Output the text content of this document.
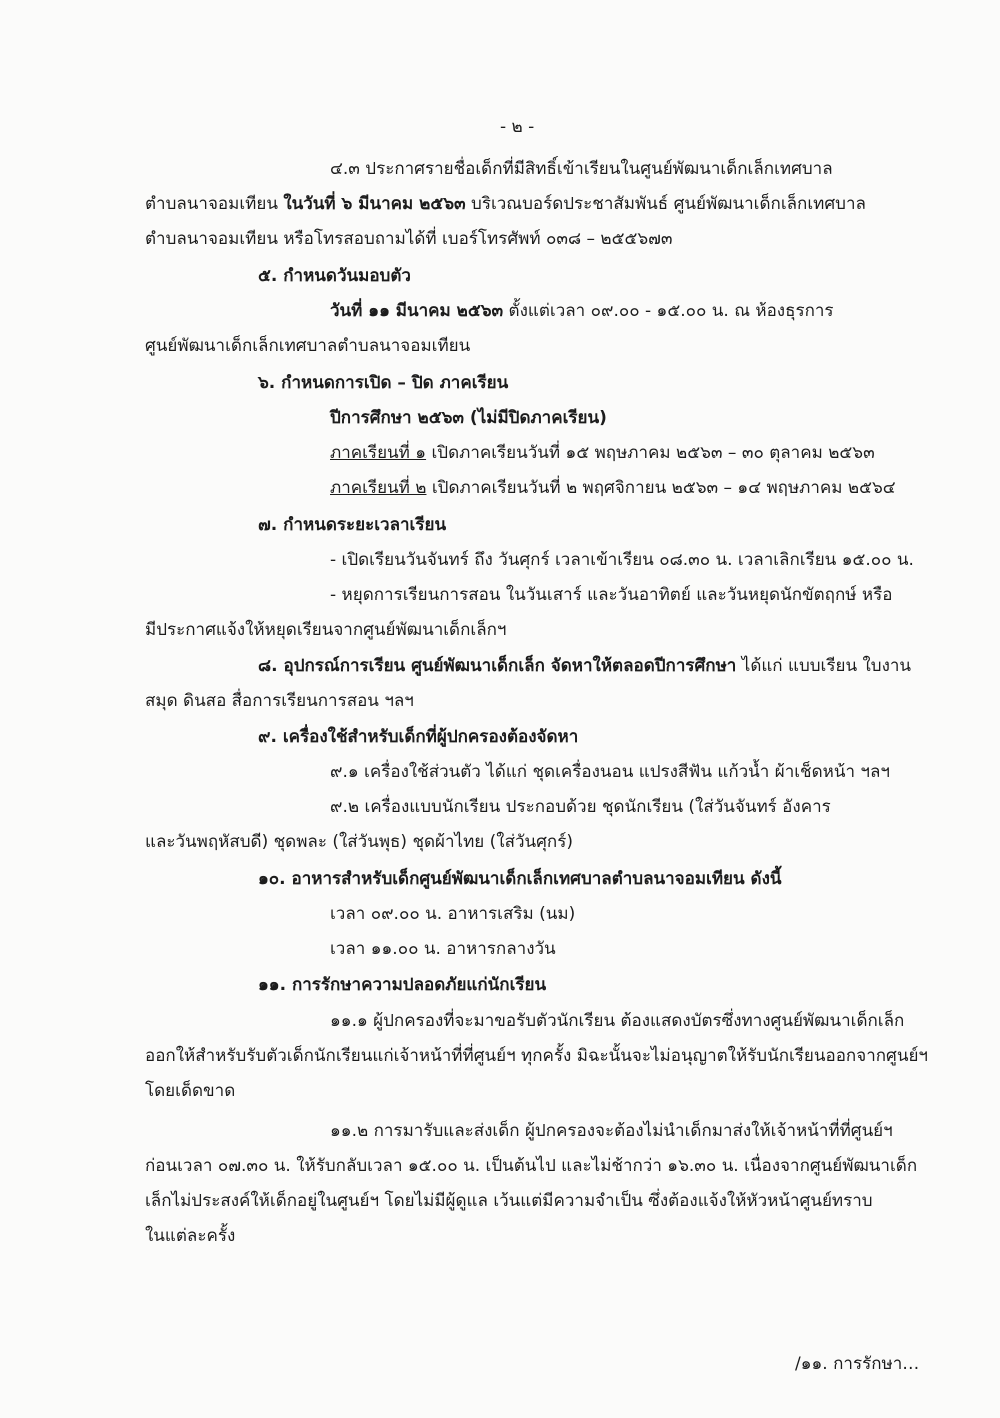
- ๒ -
๔.๓ ประกาศรายชื่อเด็กที่มีสิทธิ์เข้าเรียนในศูนย์พัฒนาเด็กเล็กเทศบาล
ตำบลนาจอมเทียน ในวันที่ ๖ มีนาคม ๒๕๖๓ บริเวณบอร์ดประชาสัมพันธ์ ศูนย์พัฒนาเด็กเล็กเทศบาล
ตำบลนาจอมเทียน หรือโทรสอบถามได้ที่ เบอร์โทรศัพท์ ๐๓๘ – ๒๕๕๖๗๓
๕. กำหนดวันมอบตัว
วันที่ ๑๑ มีนาคม ๒๕๖๓ ตั้งแต่เวลา ๐๙.๐๐ - ๑๕.๐๐ น. ณ ห้องธุรการ
ศูนย์พัฒนาเด็กเล็กเทศบาลตำบลนาจอมเทียน
๖. กำหนดการเปิด – ปิด ภาคเรียน
ปีการศึกษา ๒๕๖๓ (ไม่มีปิดภาคเรียน)
ภาคเรียนที่ ๑ เปิดภาคเรียนวันที่ ๑๕ พฤษภาคม ๒๕๖๓ – ๓๐ ตุลาคม ๒๕๖๓
ภาคเรียนที่ ๒ เปิดภาคเรียนวันที่ ๒ พฤศจิกายน ๒๕๖๓ – ๑๔ พฤษภาคม ๒๕๖๔
๗. กำหนดระยะเวลาเรียน
- เปิดเรียนวันจันทร์ ถึง วันศุกร์ เวลาเข้าเรียน ๐๘.๓๐ น. เวลาเลิกเรียน ๑๕.๐๐ น.
- หยุดการเรียนการสอน ในวันเสาร์ และวันอาทิตย์ และวันหยุดนักขัตฤกษ์ หรือ
มีประกาศแจ้งให้หยุดเรียนจากศูนย์พัฒนาเด็กเล็กฯ
๘. อุปกรณ์การเรียน ศูนย์พัฒนาเด็กเล็ก จัดหาให้ตลอดปีการศึกษา ได้แก่ แบบเรียน ใบงาน
สมุด ดินสอ สื่อการเรียนการสอน ฯลฯ
๙. เครื่องใช้สำหรับเด็กที่ผู้ปกครองต้องจัดหา
๙.๑ เครื่องใช้ส่วนตัว ได้แก่ ชุดเครื่องนอน แปรงสีฟัน แก้วน้ำ ผ้าเช็ดหน้า ฯลฯ
๙.๒ เครื่องแบบนักเรียน ประกอบด้วย ชุดนักเรียน (ใส่วันจันทร์ อังคาร
และวันพฤหัสบดี) ชุดพละ (ใส่วันพุธ) ชุดผ้าไทย (ใส่วันศุกร์)
๑๐. อาหารสำหรับเด็กศูนย์พัฒนาเด็กเล็กเทศบาลตำบลนาจอมเทียน ดังนี้
เวลา ๐๙.๐๐ น. อาหารเสริม (นม)
เวลา ๑๑.๐๐ น. อาหารกลางวัน
๑๑. การรักษาความปลอดภัยแก่นักเรียน
๑๑.๑ ผู้ปกครองที่จะมาขอรับตัวนักเรียน ต้องแสดงบัตรซึ่งทางศูนย์พัฒนาเด็กเล็ก
ออกให้สำหรับรับตัวเด็กนักเรียนแก่เจ้าหน้าที่ที่ศูนย์ฯ ทุกครั้ง มิฉะนั้นจะไม่อนุญาตให้รับนักเรียนออกจากศูนย์ฯ
โดยเด็ดขาด
๑๑.๒ การมารับและส่งเด็ก ผู้ปกครองจะต้องไม่นำเด็กมาส่งให้เจ้าหน้าที่ที่ศูนย์ฯ
ก่อนเวลา ๐๗.๓๐ น. ให้รับกลับเวลา ๑๕.๐๐ น. เป็นต้นไป และไม่ช้ากว่า ๑๖.๓๐ น. เนื่องจากศูนย์พัฒนาเด็ก
เล็กไม่ประสงค์ให้เด็กอยู่ในศูนย์ฯ โดยไม่มีผู้ดูแล เว้นแต่มีความจำเป็น ซึ่งต้องแจ้งให้หัวหน้าศูนย์ทราบ
ในแต่ละครั้ง
/๑๑. การรักษา…
